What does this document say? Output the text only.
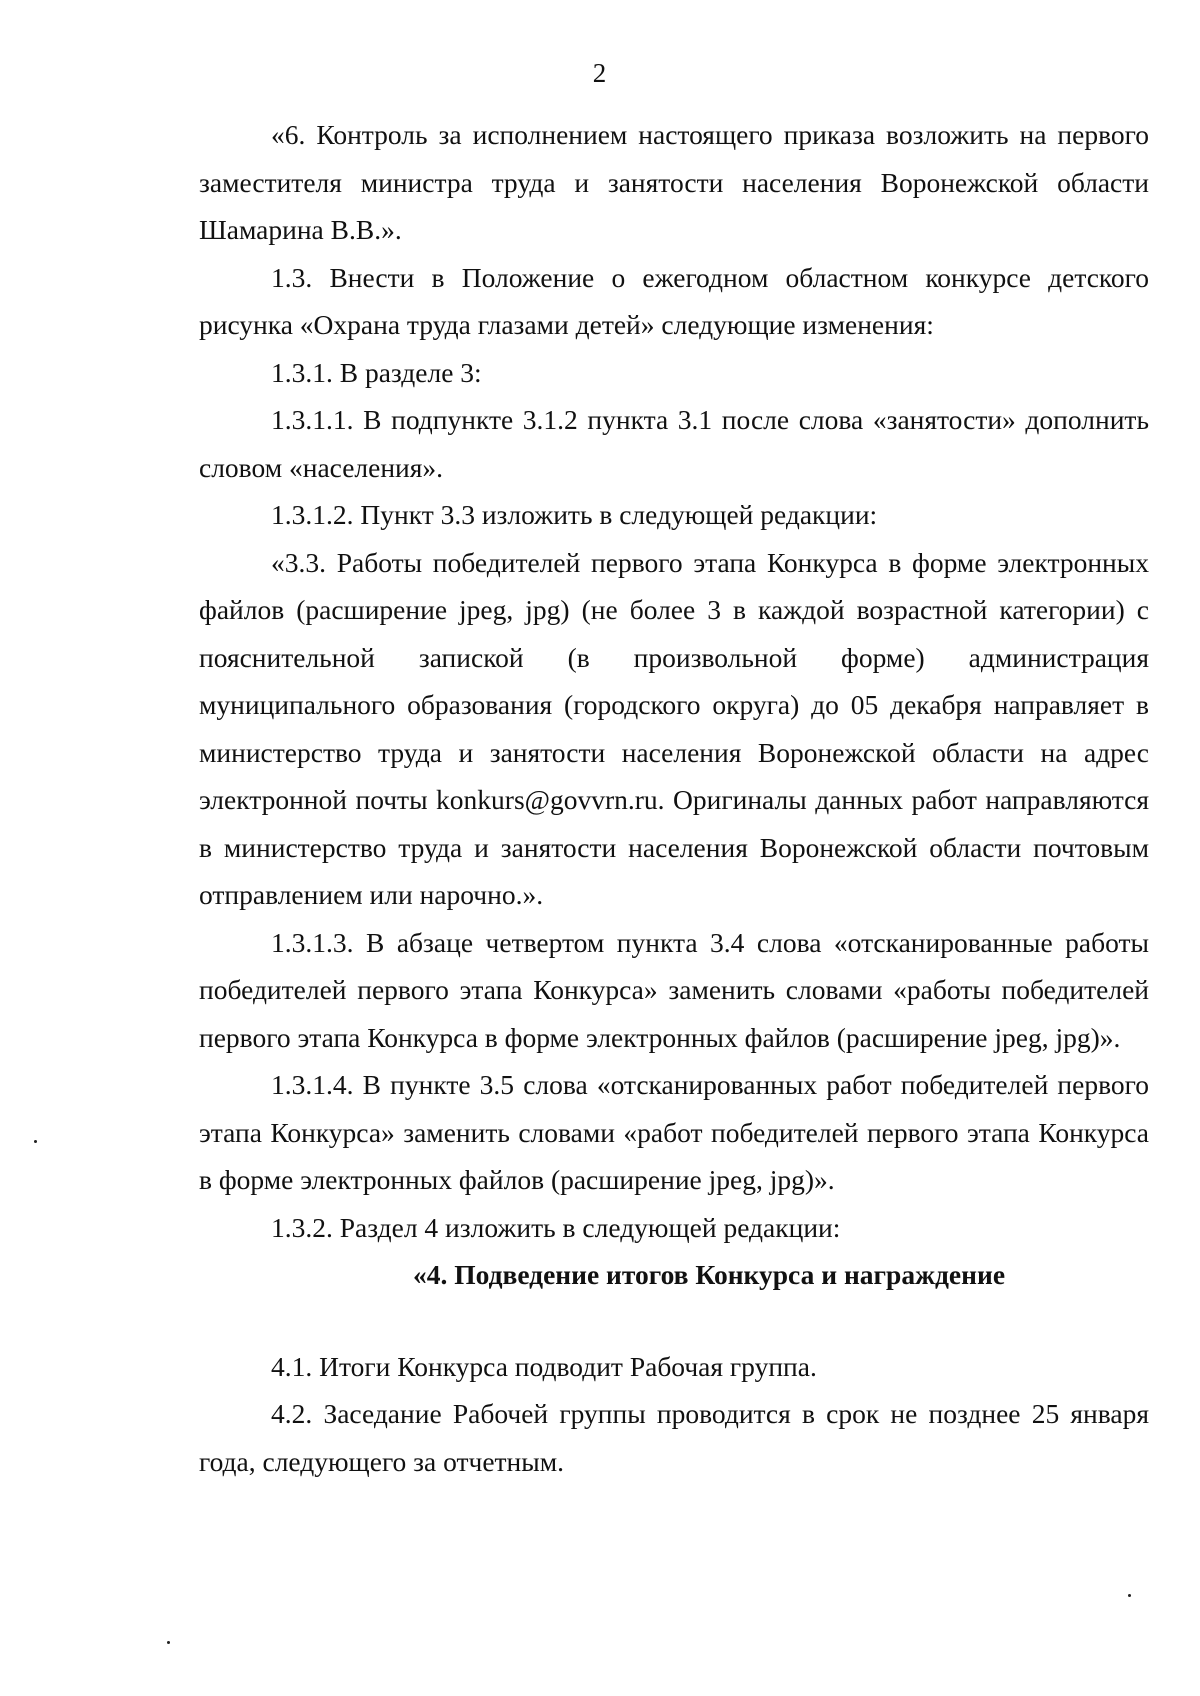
2

«6. Контроль за исполнением настоящего приказа возложить на первого заместителя министра труда и занятости населения Воронежской области Шамарина В.В.».

1.3. Внести в Положение о ежегодном областном конкурсе детского рисунка «Охрана труда глазами детей» следующие изменения:

1.3.1. В разделе 3:

1.3.1.1. В подпункте 3.1.2 пункта 3.1 после слова «занятости» дополнить словом «населения».

1.3.1.2. Пункт 3.3 изложить в следующей редакции:

«3.3. Работы победителей первого этапа Конкурса в форме электронных файлов (расширение jpeg, jpg) (не более 3 в каждой возрастной категории) с пояснительной запиской (в произвольной форме) администрация муниципального образования (городского округа) до 05 декабря направляет в министерство труда и занятости населения Воронежской области на адрес электронной почты konkurs@govvrn.ru. Оригиналы данных работ направляются в министерство труда и занятости населения Воронежской области почтовым отправлением или нарочно.».

1.3.1.3. В абзаце четвертом пункта 3.4 слова «отсканированные работы победителей первого этапа Конкурса» заменить словами «работы победителей первого этапа Конкурса в форме электронных файлов (расширение jpeg, jpg)».

1.3.1.4. В пункте 3.5 слова «отсканированных работ победителей первого этапа Конкурса» заменить словами «работ победителей первого этапа Конкурса в форме электронных файлов (расширение jpeg, jpg)».

1.3.2. Раздел 4 изложить в следующей редакции:

«4. Подведение итогов Конкурса и награждение

4.1. Итоги Конкурса подводит Рабочая группа.

4.2. Заседание Рабочей группы проводится в срок не позднее 25 января года, следующего за отчетным.
